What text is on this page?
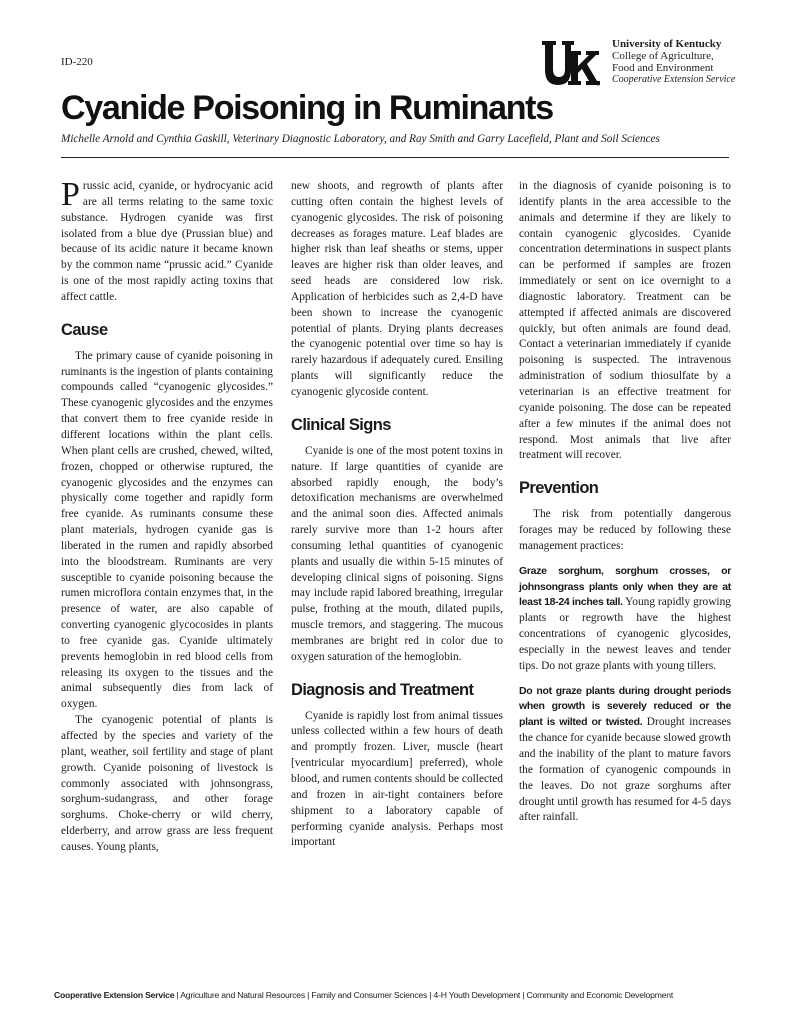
ID-220
®
University of Kentucky
College of Agriculture,
Food and Environment
Cooperative Extension Service
Cyanide Poisoning in Ruminants
Michelle Arnold and Cynthia Gaskill, Veterinary Diagnostic Laboratory, and Ray Smith and Garry Lacefield, Plant and Soil Sciences

Prussic acid, cyanide, or hydrocyanic acid are all terms relating to the same toxic substance. Hydrogen cyanide was first isolated from a blue dye (Prussian blue) and because of its acidic nature it became known by the common name “prussic acid.” Cyanide is one of the most rapidly acting toxins that affect cattle.

Cause

The primary cause of cyanide poisoning in ruminants is the ingestion of plants containing compounds called “cyanogenic glycosides.” These cyanogenic glycosides and the enzymes that convert them to free cyanide reside in different locations within the plant cells. When plant cells are crushed, chewed, wilted, frozen, chopped or otherwise ruptured, the cyanogenic glycosides and the enzymes can physically come together and rapidly form free cyanide. As ruminants consume these plant materials, hydrogen cyanide gas is liberated in the rumen and rapidly absorbed into the bloodstream. Ruminants are very susceptible to cyanide poisoning because the rumen microflora contain enzymes that, in the presence of water, are also capable of converting cyanogenic glycocosides in plants to free cyanide gas. Cyanide ultimately prevents hemoglobin in red blood cells from releasing its oxygen to the tissues and the animal subsequently dies from lack of oxygen.

The cyanogenic potential of plants is affected by the species and variety of the plant, weather, soil fertility and stage of plant growth. Cyanide poisoning of livestock is commonly associated with johnsongrass, sorghum-sudangrass, and other forage sorghums. Choke-cherry or wild cherry, elderberry, and arrow grass are less frequent causes. Young plants,

new shoots, and regrowth of plants after cutting often contain the highest levels of cyanogenic glycosides. The risk of poisoning decreases as forages mature. Leaf blades are higher risk than leaf sheaths or stems, upper leaves are higher risk than older leaves, and seed heads are considered low risk. Application of herbicides such as 2,4-D have been shown to increase the cyanogenic potential of plants. Drying plants decreases the cyanogenic potential over time so hay is rarely hazardous if adequately cured. Ensiling plants will significantly reduce the cyanogenic glycoside content.

Clinical Signs

Cyanide is one of the most potent toxins in nature. If large quantities of cyanide are absorbed rapidly enough, the body’s detoxification mechanisms are overwhelmed and the animal soon dies. Affected animals rarely survive more than 1-2 hours after consuming lethal quantities of cyanogenic plants and usually die within 5-15 minutes of developing clinical signs of poisoning. Signs may include rapid labored breathing, irregular pulse, frothing at the mouth, dilated pupils, muscle tremors, and staggering. The mucous membranes are bright red in color due to oxygen saturation of the hemoglobin.

Diagnosis and Treatment

Cyanide is rapidly lost from animal tissues unless collected within a few hours of death and promptly frozen. Liver, muscle (heart [ventricular myocardium] preferred), whole blood, and rumen contents should be collected and frozen in air-tight containers before shipment to a laboratory capable of performing cyanide analysis. Perhaps most important

in the diagnosis of cyanide poisoning is to identify plants in the area accessible to the animals and determine if they are likely to contain cyanogenic glycosides. Cyanide concentration determinations in suspect plants can be performed if samples are frozen immediately or sent on ice overnight to a diagnostic laboratory. Treatment can be attempted if affected animals are discovered quickly, but often animals are found dead. Contact a veterinarian immediately if cyanide poisoning is suspected. The intravenous administration of sodium thiosulfate by a veterinarian is an effective treatment for cyanide poisoning. The dose can be repeated after a few minutes if the animal does not respond. Most animals that live after treatment will recover.

Prevention

The risk from potentially dangerous forages may be reduced by following these management practices:

Graze sorghum, sorghum crosses, or johnsongrass plants only when they are at least 18-24 inches tall. Young rapidly growing plants or regrowth have the highest concentrations of cyanogenic glycosides, especially in the newest leaves and tender tips. Do not graze plants with young tillers.

Do not graze plants during drought periods when growth is severely reduced or the plant is wilted or twisted. Drought increases the chance for cyanide because slowed growth and the inability of the plant to mature favors the formation of cyanogenic compounds in the leaves. Do not graze sorghums after drought until growth has resumed for 4-5 days after rainfall.

Cooperative Extension Service | Agriculture and Natural Resources | Family and Consumer Sciences | 4-H Youth Development | Community and Economic Development
